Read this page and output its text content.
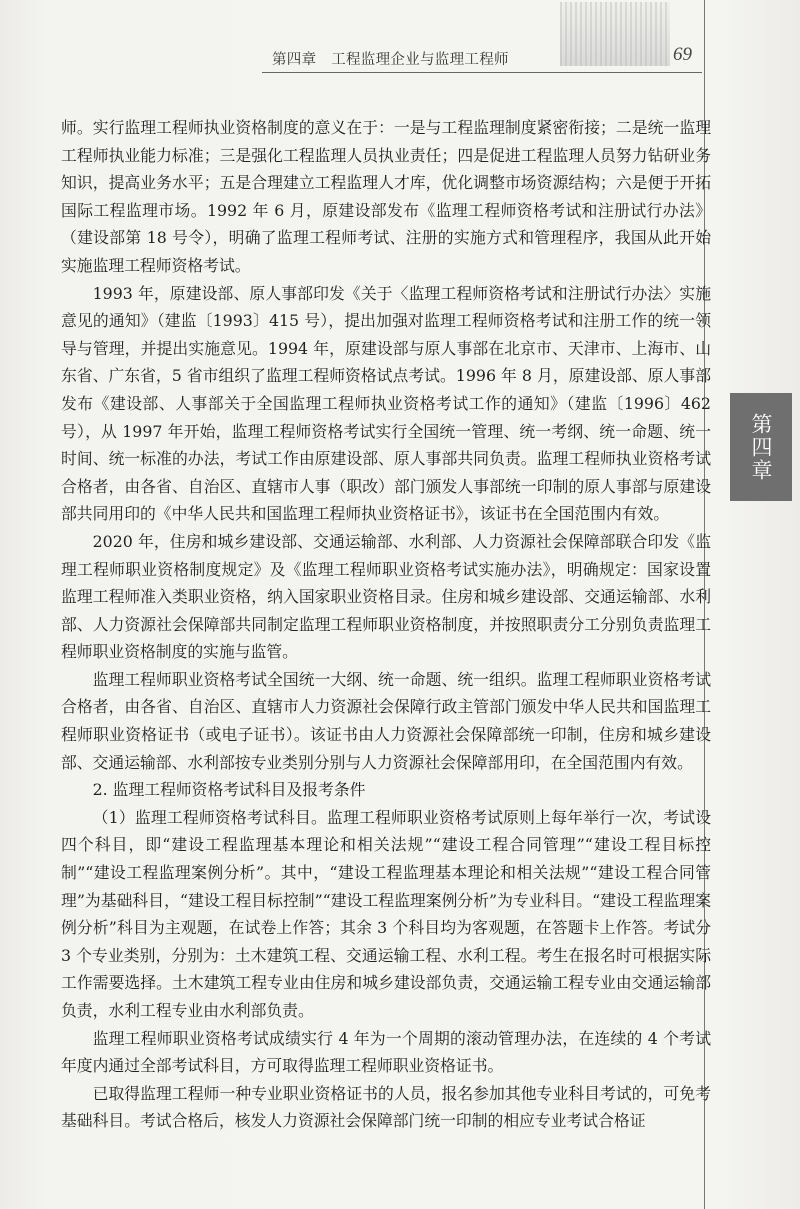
第四章　工程监理企业与监理工程师	69
第四章

师。实行监理工程师执业资格制度的意义在于：一是与工程监理制度紧密衔接；二是统一监理工程师执业能力标准；三是强化工程监理人员执业责任；四是促进工程监理人员努力钻研业务知识，提高业务水平；五是合理建立工程监理人才库，优化调整市场资源结构；六是便于开拓国际工程监理市场。1992 年 6 月，原建设部发布《监理工程师资格考试和注册试行办法》（建设部第 18 号令），明确了监理工程师考试、注册的实施方式和管理程序，我国从此开始实施监理工程师资格考试。

1993 年，原建设部、原人事部印发《关于〈监理工程师资格考试和注册试行办法〉实施意见的通知》（建监〔1993〕415 号），提出加强对监理工程师资格考试和注册工作的统一领导与管理，并提出实施意见。1994 年，原建设部与原人事部在北京市、天津市、上海市、山东省、广东省，5 省市组织了监理工程师资格试点考试。1996 年 8 月，原建设部、原人事部发布《建设部、人事部关于全国监理工程师执业资格考试工作的通知》（建监〔1996〕462 号），从 1997 年开始，监理工程师资格考试实行全国统一管理、统一考纲、统一命题、统一时间、统一标准的办法，考试工作由原建设部、原人事部共同负责。监理工程师执业资格考试合格者，由各省、自治区、直辖市人事（职改）部门颁发人事部统一印制的原人事部与原建设部共同用印的《中华人民共和国监理工程师执业资格证书》，该证书在全国范围内有效。

2020 年，住房和城乡建设部、交通运输部、水利部、人力资源社会保障部联合印发《监理工程师职业资格制度规定》及《监理工程师职业资格考试实施办法》，明确规定：国家设置监理工程师准入类职业资格，纳入国家职业资格目录。住房和城乡建设部、交通运输部、水利部、人力资源社会保障部共同制定监理工程师职业资格制度，并按照职责分工分别负责监理工程师职业资格制度的实施与监管。

监理工程师职业资格考试全国统一大纲、统一命题、统一组织。监理工程师职业资格考试合格者，由各省、自治区、直辖市人力资源社会保障行政主管部门颁发中华人民共和国监理工程师职业资格证书（或电子证书）。该证书由人力资源社会保障部统一印制，住房和城乡建设部、交通运输部、水利部按专业类别分别与人力资源社会保障部用印，在全国范围内有效。

2. 监理工程师资格考试科目及报考条件

（1）监理工程师资格考试科目。监理工程师职业资格考试原则上每年举行一次，考试设四个科目，即“建设工程监理基本理论和相关法规”“建设工程合同管理”“建设工程目标控制”“建设工程监理案例分析”。其中，“建设工程监理基本理论和相关法规”“建设工程合同管理”为基础科目，“建设工程目标控制”“建设工程监理案例分析”为专业科目。“建设工程监理案例分析”科目为主观题，在试卷上作答；其余 3 个科目均为客观题，在答题卡上作答。考试分 3 个专业类别，分别为：土木建筑工程、交通运输工程、水利工程。考生在报名时可根据实际工作需要选择。土木建筑工程专业由住房和城乡建设部负责，交通运输工程专业由交通运输部负责，水利工程专业由水利部负责。

监理工程师职业资格考试成绩实行 4 年为一个周期的滚动管理办法，在连续的 4 个考试年度内通过全部考试科目，方可取得监理工程师职业资格证书。

已取得监理工程师一种专业职业资格证书的人员，报名参加其他专业科目考试的，可免考基础科目。考试合格后，核发人力资源社会保障部门统一印制的相应专业考试合格证
